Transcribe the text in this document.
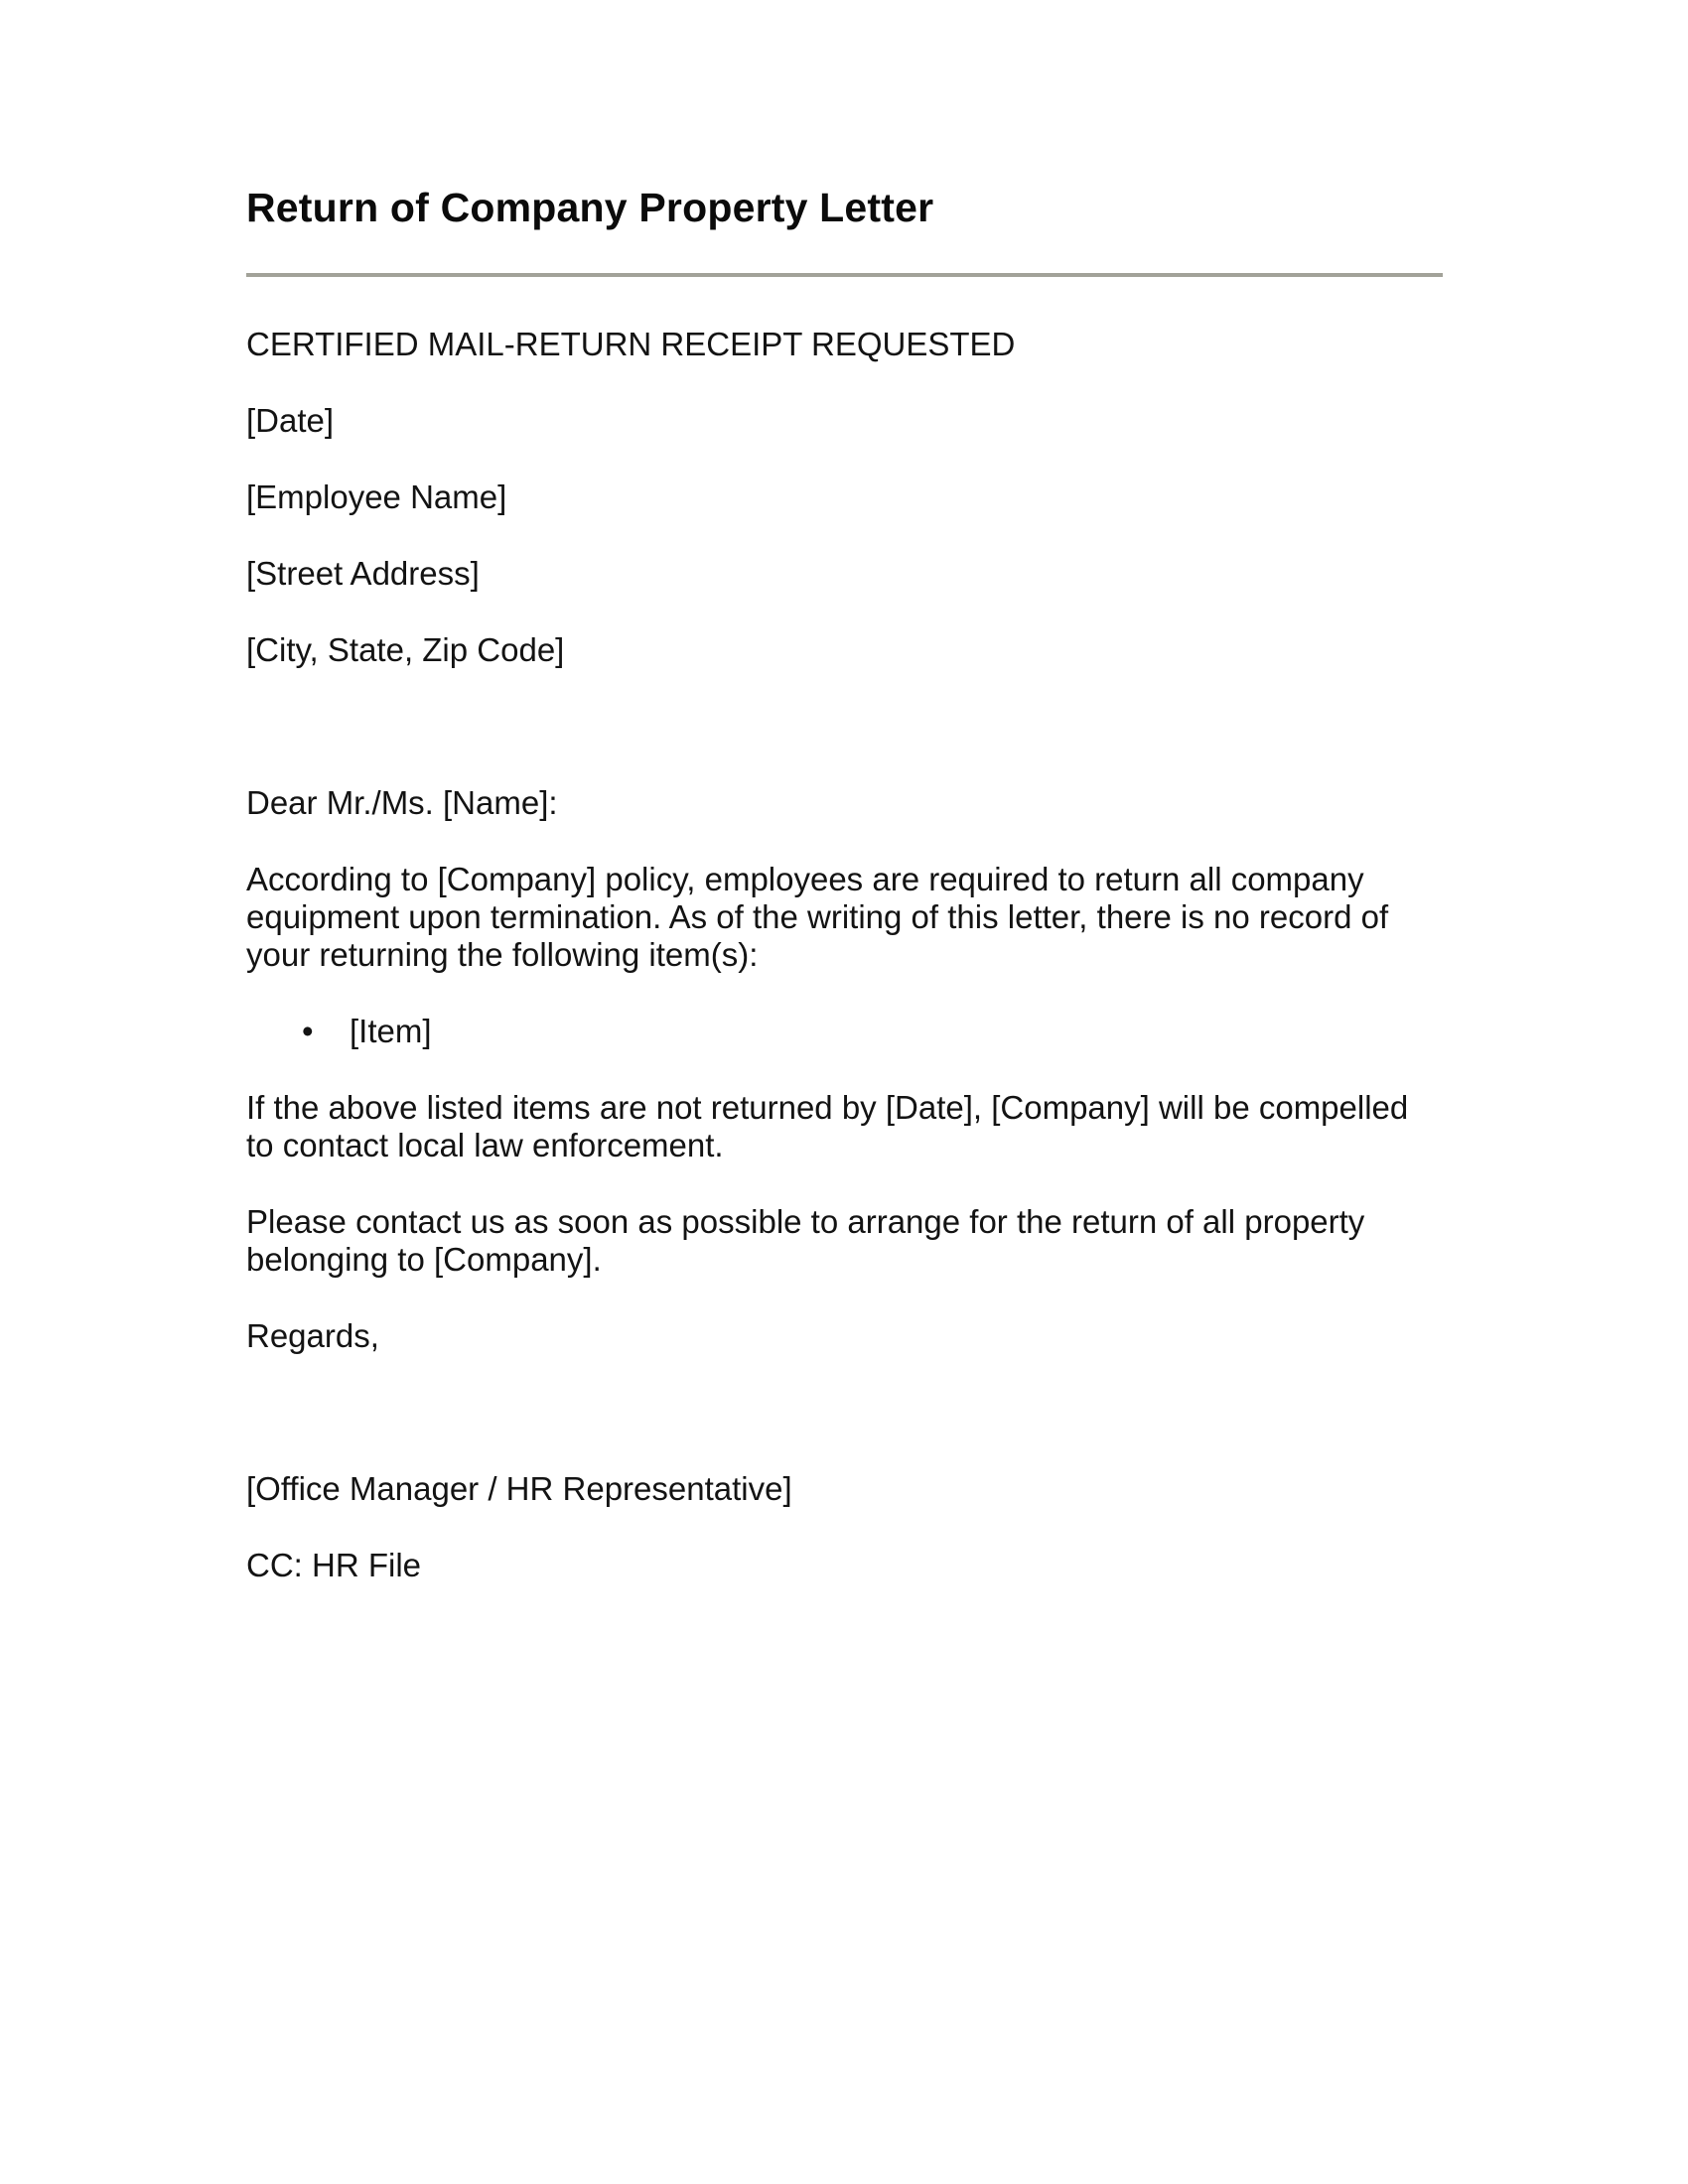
Return of Company Property Letter

CERTIFIED MAIL-RETURN RECEIPT REQUESTED

[Date]

[Employee Name]

[Street Address]

[City, State, Zip Code]

Dear Mr./Ms. [Name]:

According to [Company] policy, employees are required to return all company equipment upon termination. As of the writing of this letter, there is no record of your returning the following item(s):

•	[Item]

If the above listed items are not returned by [Date], [Company] will be compelled to contact local law enforcement.

Please contact us as soon as possible to arrange for the return of all property belonging to [Company].

Regards,

[Office Manager / HR Representative]

CC: HR File
